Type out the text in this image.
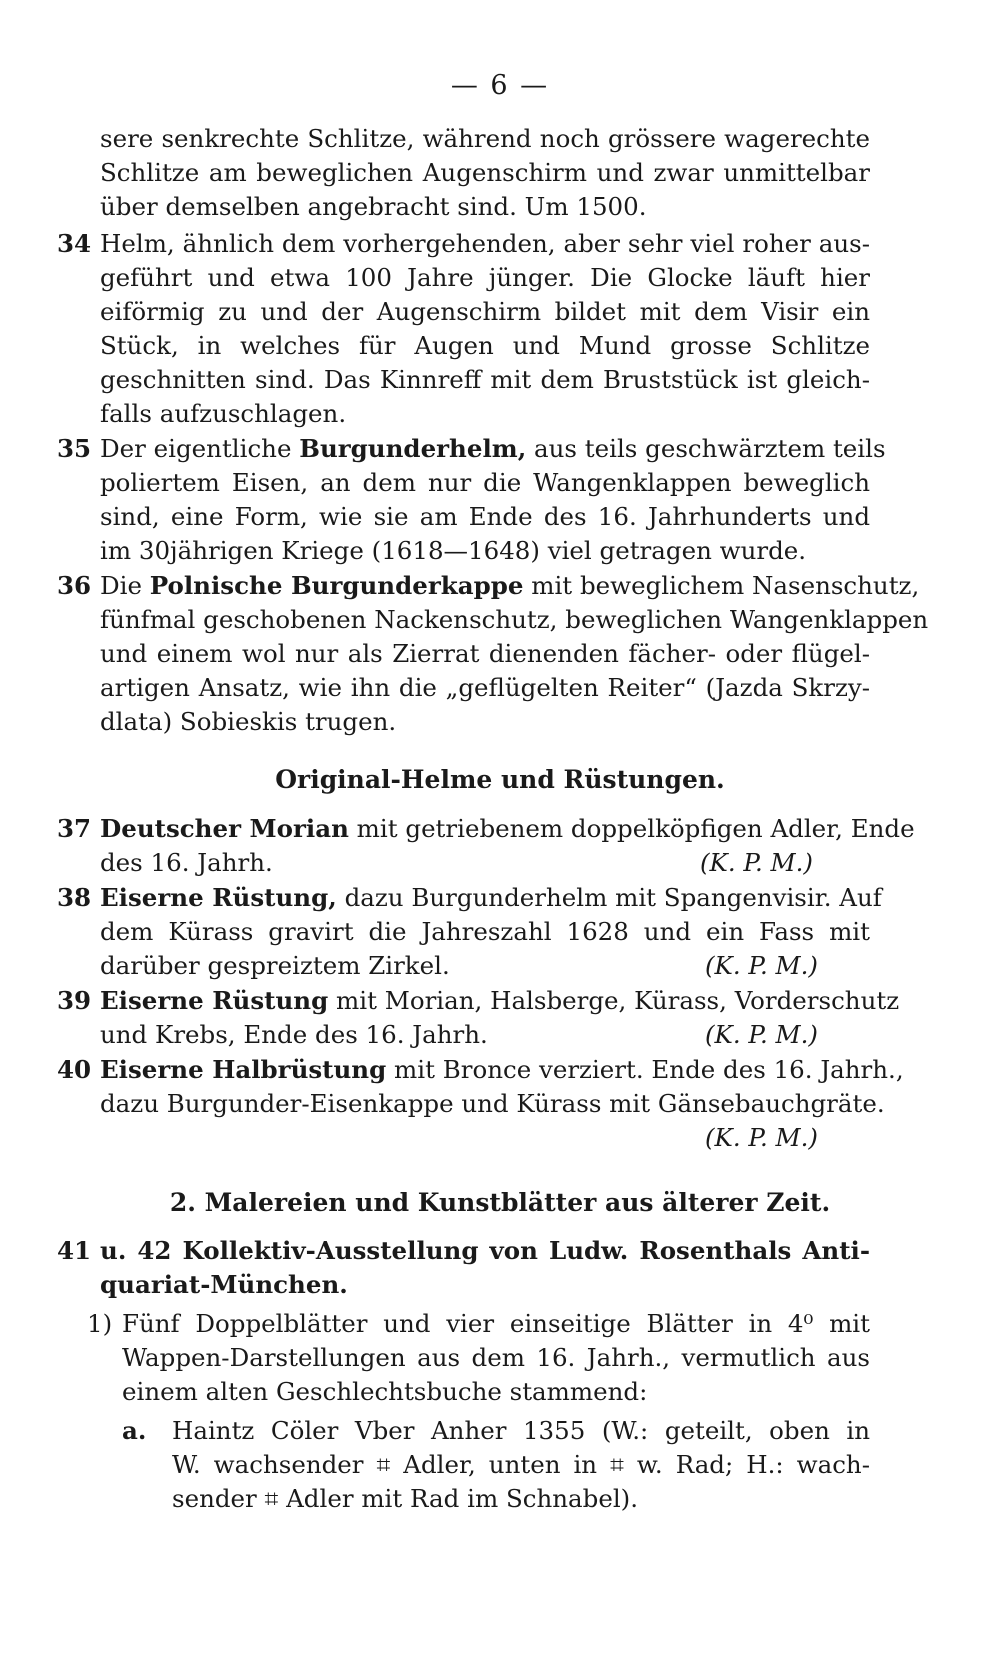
— 6 —
sere senkrechte Schlitze, während noch grössere wagerechte
Schlitze am beweglichen Augenschirm und zwar unmittelbar
über demselben angebracht sind. Um 1500.
34 Helm, ähnlich dem vorhergehenden, aber sehr viel roher aus-
geführt und etwa 100 Jahre jünger. Die Glocke läuft hier
eiförmig zu und der Augenschirm bildet mit dem Visir ein
Stück, in welches für Augen und Mund grosse Schlitze
geschnitten sind. Das Kinnreff mit dem Bruststück ist gleich-
falls aufzuschlagen.
35 Der eigentliche Burgunderhelm, aus teils geschwärztem teils
poliertem Eisen, an dem nur die Wangenklappen beweglich
sind, eine Form, wie sie am Ende des 16. Jahrhunderts und
im 30jährigen Kriege (1618—1648) viel getragen wurde.
36 Die Polnische Burgunderkappe mit beweglichem Nasenschutz,
fünfmal geschobenen Nackenschutz, beweglichen Wangenklappen
und einem wol nur als Zierrat dienenden fächer- oder flügel-
artigen Ansatz, wie ihn die „geflügelten Reiter“ (Jazda Skrzy-
dlata) Sobieskis trugen.
Original-Helme und Rüstungen.
37 Deutscher Morian mit getriebenem doppelköpfigen Adler, Ende
des 16. Jahrh.	(K. P. M.)
38 Eiserne Rüstung, dazu Burgunderhelm mit Spangenvisir. Auf
dem Kürass gravirt die Jahreszahl 1628 und ein Fass mit
darüber gespreiztem Zirkel.	(K. P. M.)
39 Eiserne Rüstung mit Morian, Halsberge, Kürass, Vorderschutz
und Krebs, Ende des 16. Jahrh.	(K. P. M.)
40 Eiserne Halbrüstung mit Bronce verziert. Ende des 16. Jahrh.,
dazu Burgunder-Eisenkappe und Kürass mit Gänsebauchgräte.
(K. P. M.)
2. Malereien und Kunstblätter aus älterer Zeit.
41 u. 42 Kollektiv-Ausstellung von Ludw. Rosenthals Anti-
quariat-München.
1) Fünf Doppelblätter und vier einseitige Blätter in 4⁰ mit
Wappen-Darstellungen aus dem 16. Jahrh., vermutlich aus
einem alten Geschlechtsbuche stammend:
a. Haintz Cöler Vber Anher 1355 (W.: geteilt, oben in
W. wachsender ⌗ Adler, unten in ⌗ w. Rad; H.: wach-
sender ⌗ Adler mit Rad im Schnabel).
